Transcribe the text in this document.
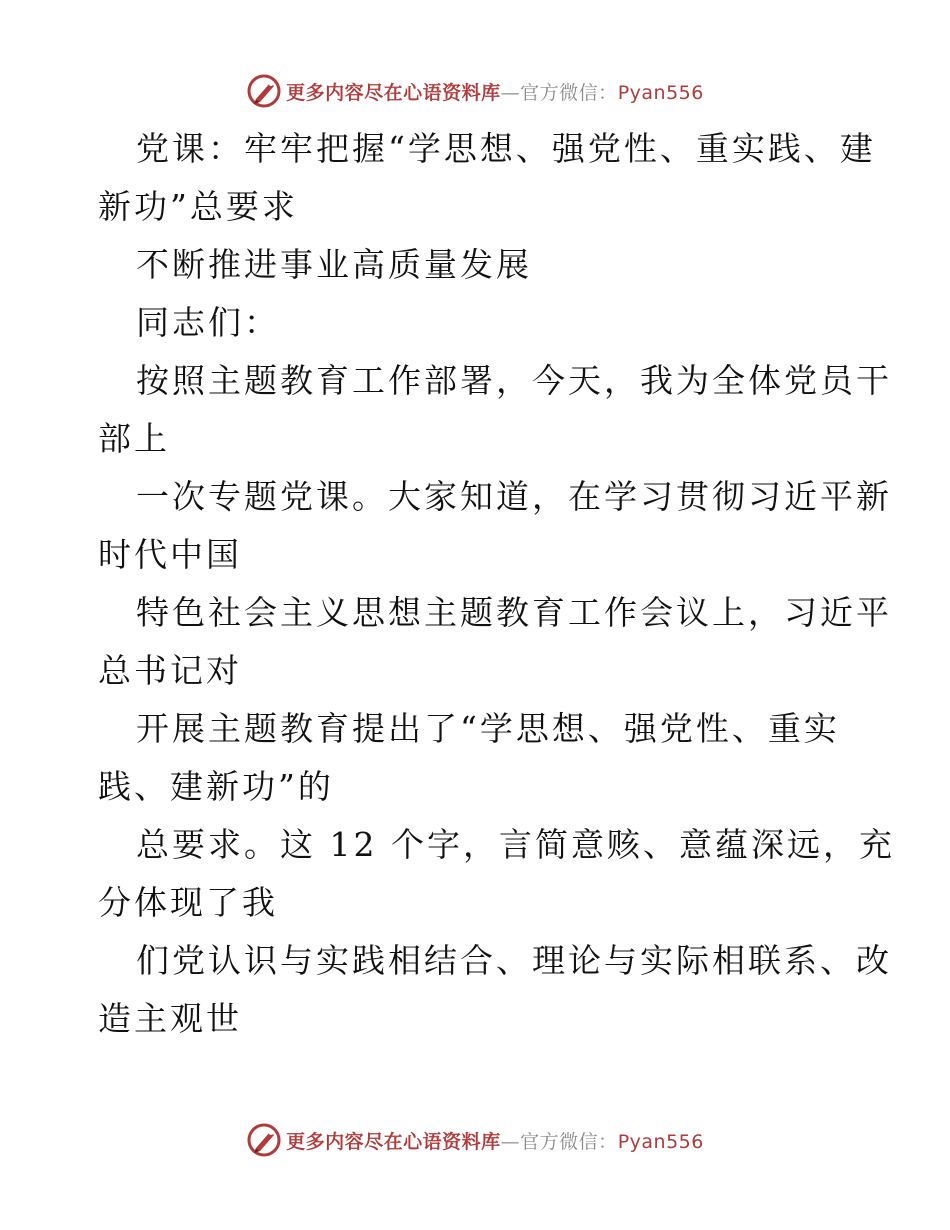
更多内容尽在心语资料库—官方微信：Pyan556
党课：牢牢把握“学思想、强党性、重实践、建
新功”总要求
不断推进事业高质量发展
同志们：
按照主题教育工作部署，今天，我为全体党员干
部上
一次专题党课。大家知道，在学习贯彻习近平新
时代中国
特色社会主义思想主题教育工作会议上，习近平
总书记对
开展主题教育提出了“学思想、强党性、重实
践、建新功”的
总要求。这 12 个字，言简意赅、意蕴深远，充
分体现了我
们党认识与实践相结合、理论与实际相联系、改
造主观世
更多内容尽在心语资料库—官方微信：Pyan556
